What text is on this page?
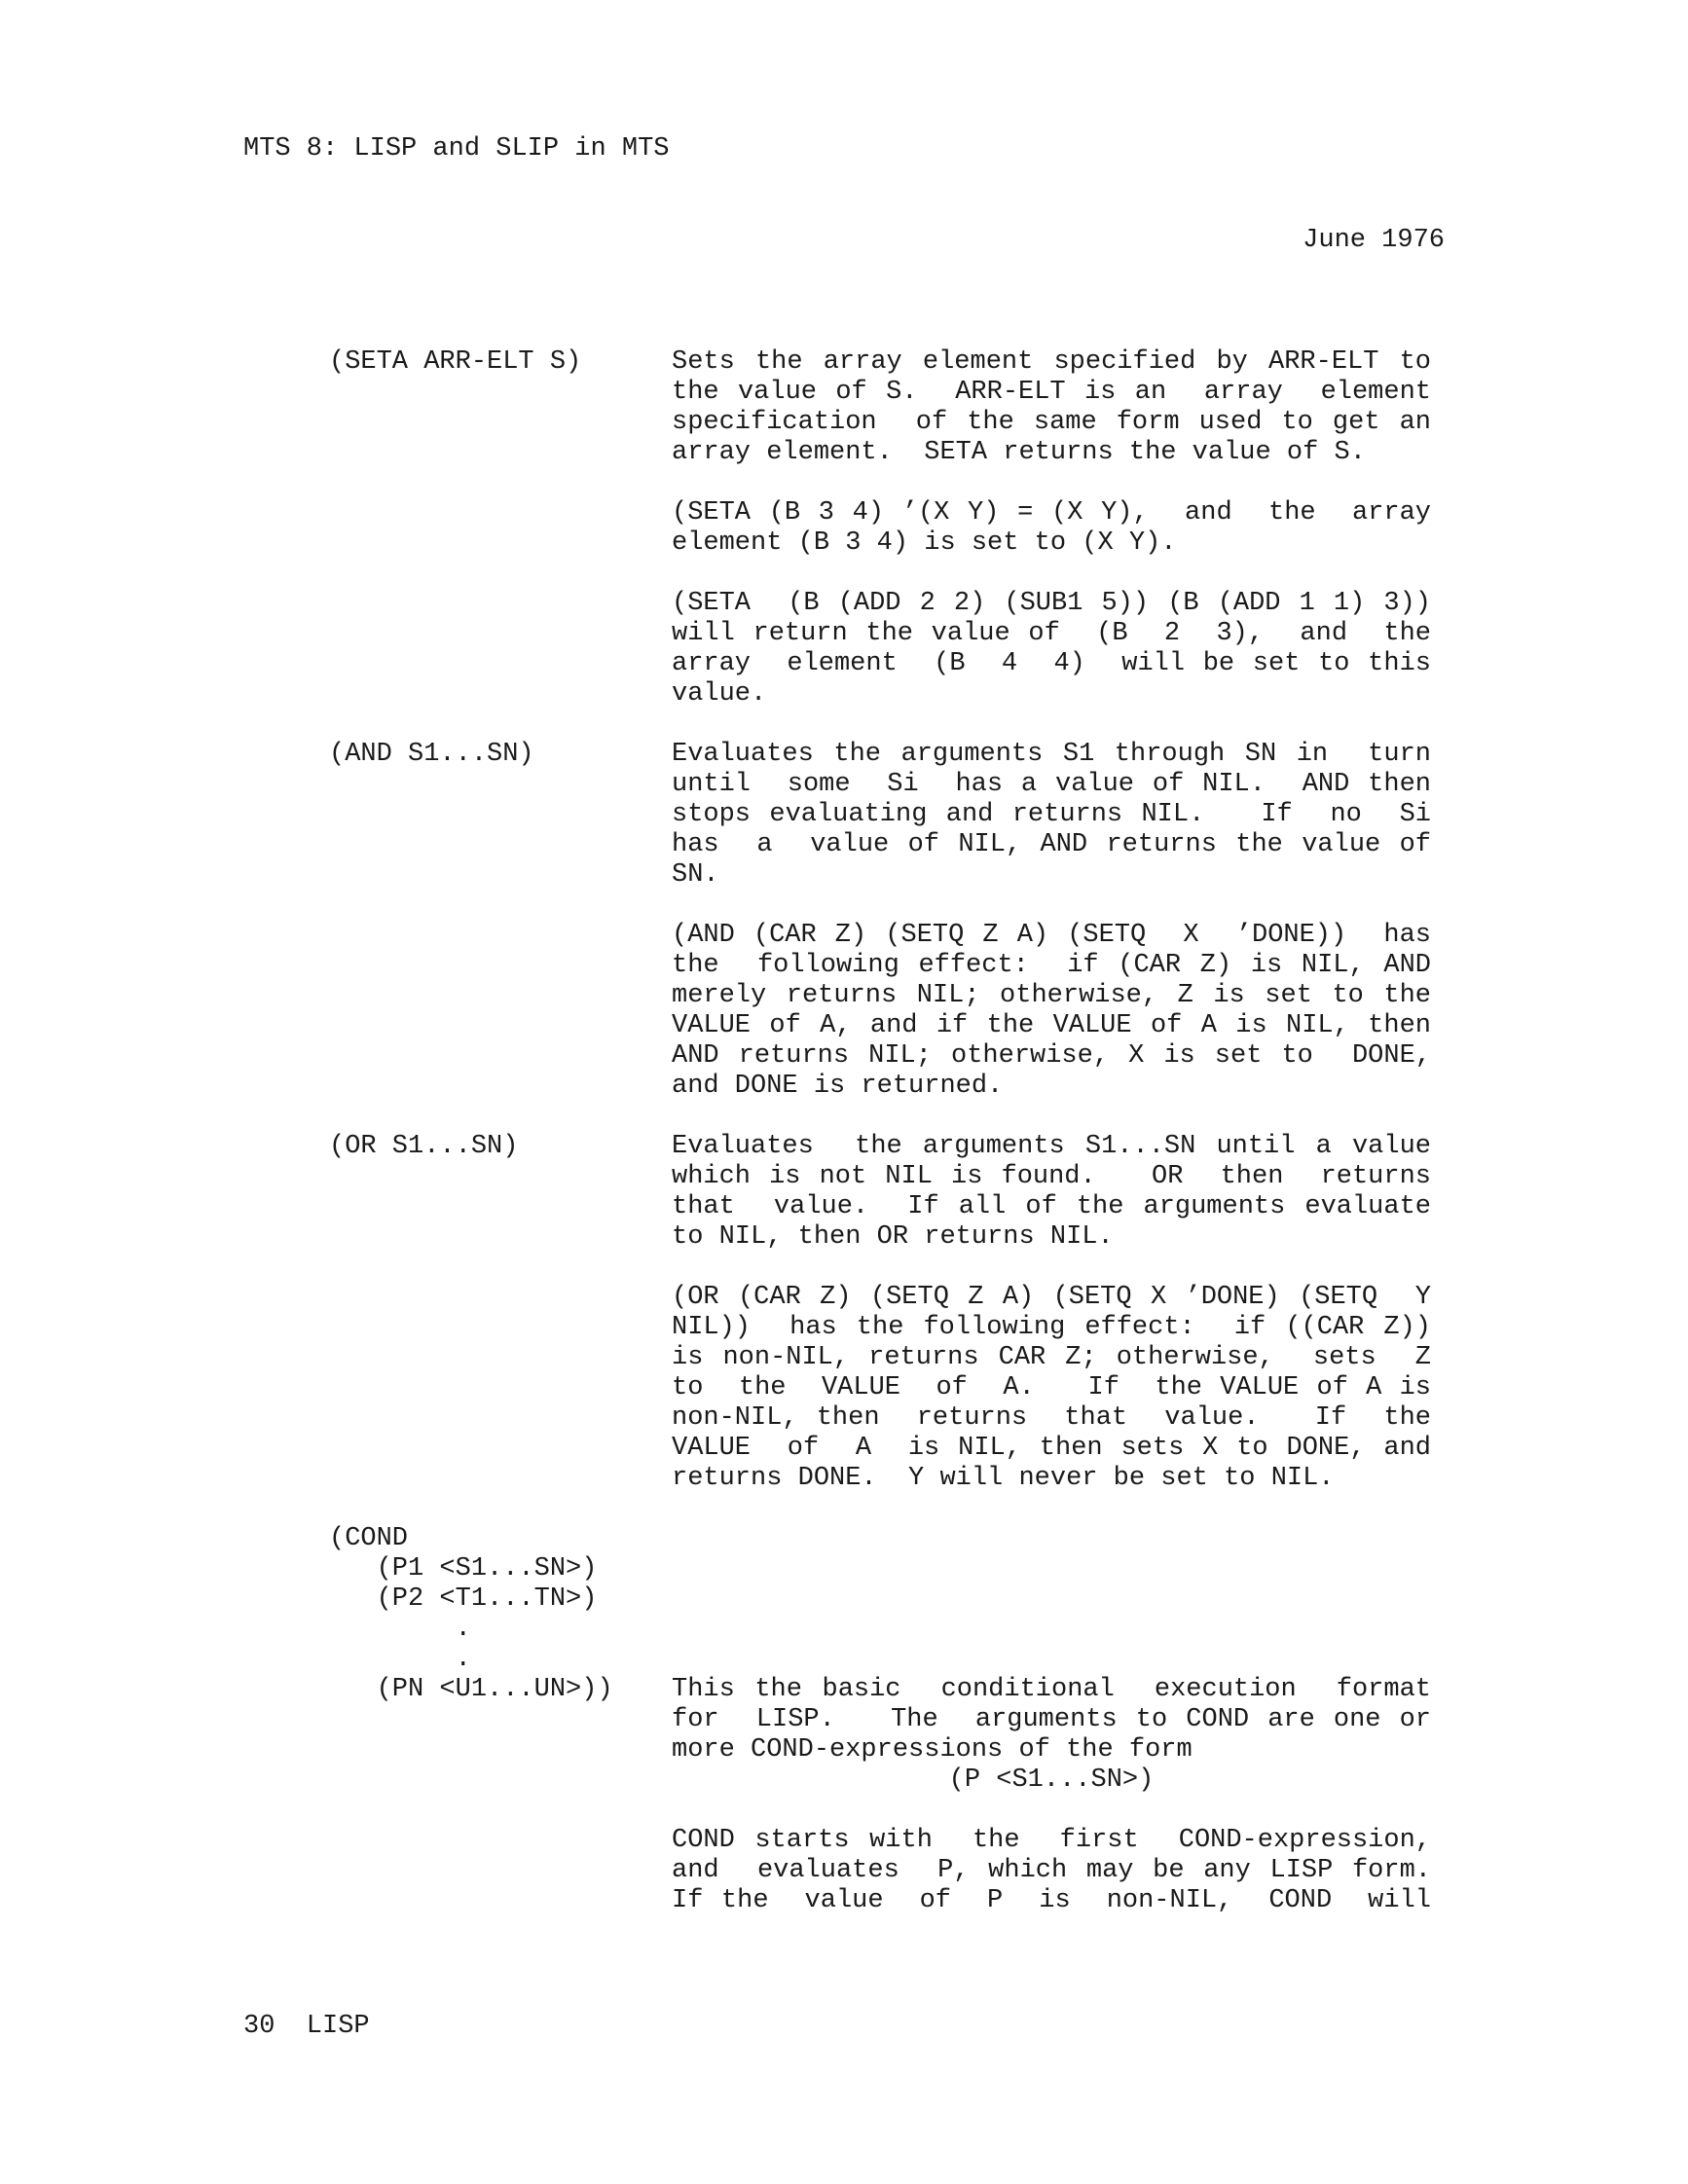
MTS 8: LISP and SLIP in MTS
June 1976
(SETA ARR-ELT S)	Sets the array element specified by ARR-ELT to
the value of S.  ARR-ELT is an  array  element
specification  of the same form used to get an
array element.  SETA returns the value of S.
(SETA (B 3 4) ’(X Y) = (X Y),  and  the  array
element (B 3 4) is set to (X Y).
(SETA  (B (ADD 2 2) (SUB1 5)) (B (ADD 1 1) 3))
will return the value of  (B  2  3),  and  the
array  element  (B  4  4)  will be set to this
value.
(AND S1...SN)	Evaluates the arguments S1 through SN in  turn
until  some  Si  has a value of NIL.  AND then
stops evaluating and returns NIL.   If  no  Si
has  a  value of NIL, AND returns the value of
SN.
(AND (CAR Z) (SETQ Z A) (SETQ  X  ’DONE))  has
the  following effect:  if (CAR Z) is NIL, AND
merely returns NIL; otherwise, Z is set to the
VALUE of A, and if the VALUE of A is NIL, then
AND returns NIL; otherwise, X is set to  DONE,
and DONE is returned.
(OR S1...SN)	Evaluates  the arguments S1...SN until a value
which is not NIL is found.   OR  then  returns
that  value.  If all of the arguments evaluate
to NIL, then OR returns NIL.
(OR (CAR Z) (SETQ Z A) (SETQ X ’DONE) (SETQ  Y
NIL))  has the following effect:  if ((CAR Z))
is non-NIL, returns CAR Z; otherwise,  sets  Z
to  the  VALUE  of  A.   If  the VALUE of A is
non-NIL, then  returns  that  value.   If  the
VALUE  of  A  is NIL, then sets X to DONE, and
returns DONE.  Y will never be set to NIL.
(COND
(P1 <S1...SN>)
(P2 <T1...TN>)
.
.
(PN <U1...UN>)) This the basic  conditional  execution  format
for  LISP.   The  arguments to COND are one or
more COND-expressions of the form
(P <S1...SN>)
COND starts with  the  first  COND-expression,
and  evaluates  P, which may be any LISP form.
If the  value  of  P  is  non-NIL,  COND  will
30  LISP
